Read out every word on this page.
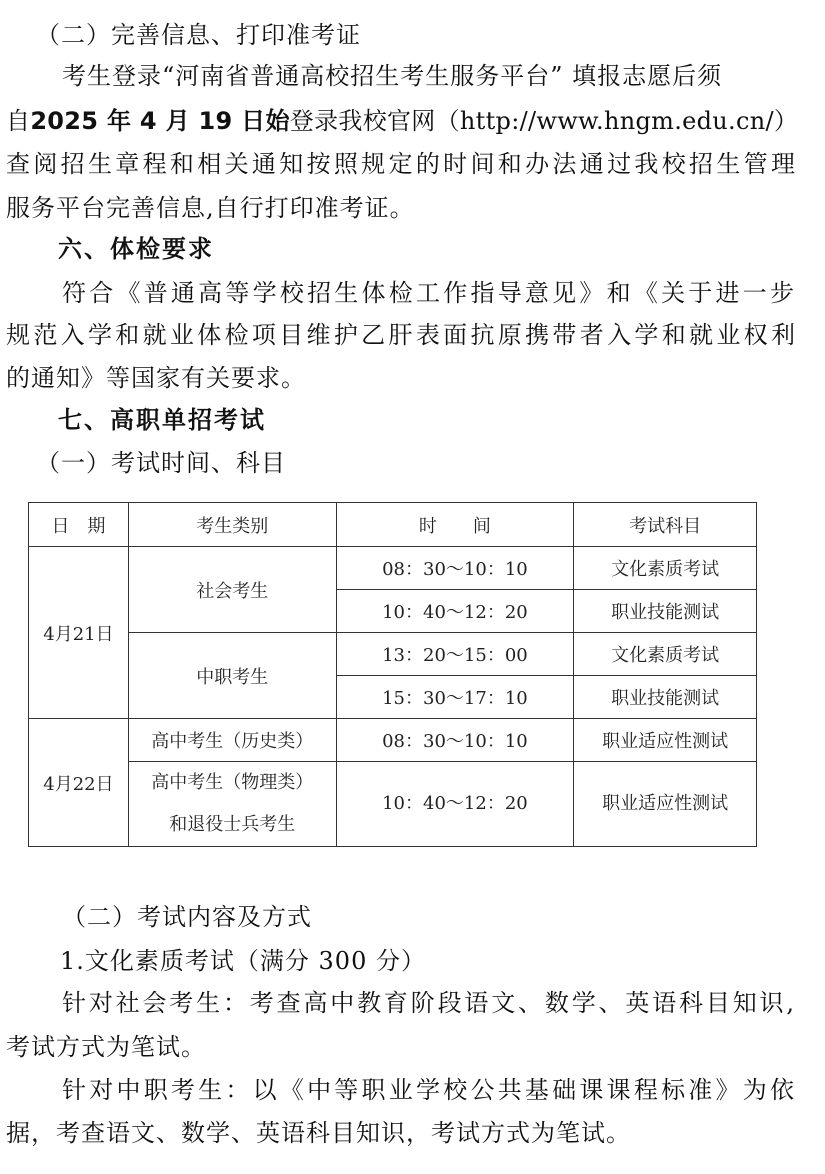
（二）完善信息、打印准考证
考生登录“河南省普通高校招生考生服务平台” 填报志愿后须
自2025 年 4 月 19 日始登录我校官网（http://www.hngm.edu.cn/）
查阅招生章程和相关通知按照规定的时间和办法通过我校招生管理
服务平台完善信息,自行打印准考证。
六、体检要求
符合《普通高等学校招生体检工作指导意见》和《关于进一步
规范入学和就业体检项目维护乙肝表面抗原携带者入学和就业权利
的通知》等国家有关要求。
七、高职单招考试
（一）考试时间、科目
日　期	考生类别	时　　间	考试科目
4月21日	社会考生	08：30～10：10	文化素质考试
		10：40～12：20	职业技能测试
	中职考生	13：20～15：00	文化素质考试
		15：30～17：10	职业技能测试
4月22日	高中考生（历史类）	08：30～10：10	职业适应性测试

	高中考生（物理类）
和退役士兵考生	10：40～12：20	职业适应性测试
（二）考试内容及方式
1.文化素质考试（满分 300 分）
针对社会考生：考查高中教育阶段语文、数学、英语科目知识,
考试方式为笔试。
针对中职考生：以《中等职业学校公共基础课课程标准》为依
据，考查语文、数学、英语科目知识，考试方式为笔试。
